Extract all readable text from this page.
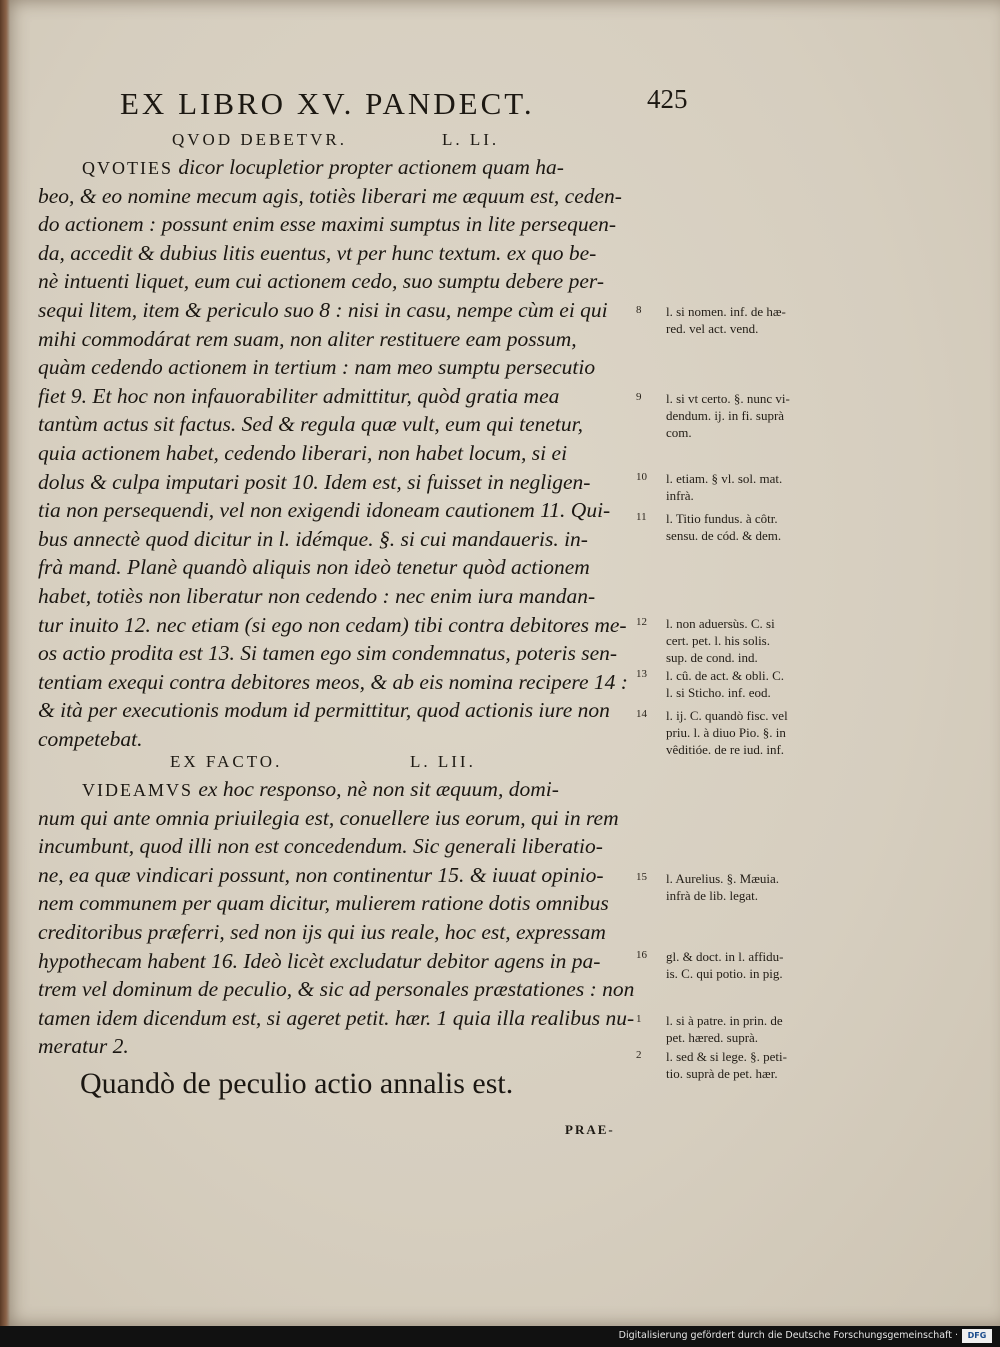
EX LIBRO XV. PANDECT.	425
QVOD DEBETVR.	L. LI.
QVOTIES dicor locupletior propter actionem quam ha-
beo, & eo nomine mecum agis, totiès liberari me æquum est, ceden-
do actionem : possunt enim esse maximi sumptus in lite persequen-
da, accedit & dubius litis euentus, vt per hunc textum. ex quo be-
nè intuenti liquet, eum cui actionem cedo, suo sumptu debere per-
sequi litem, item & periculo suo 8 : nisi in casu, nempe cùm ei qui
mihi commodárat rem suam, non aliter restituere eam possum,
quàm cedendo actionem in tertium : nam meo sumptu persecutio
fiet 9. Et hoc non infauorabiliter admittitur, quòd gratia mea
tantùm actus sit factus. Sed & regula quæ vult, eum qui tenetur,
quia actionem habet, cedendo liberari, non habet locum, si ei
dolus & culpa imputari posit 10. Idem est, si fuisset in negligen-
tia non persequendi, vel non exigendi idoneam cautionem 11. Qui-
bus annectè quod dicitur in l. idémque. §. si cui mandaueris. in-
frà mand. Planè quandò aliquis non ideò tenetur quòd actionem
habet, totiès non liberatur non cedendo : nec enim iura mandan-
tur inuito 12. nec etiam (si ego non cedam) tibi contra debitores me-
os actio prodita est 13. Si tamen ego sim condemnatus, poteris sen-
tentiam exequi contra debitores meos, & ab eis nomina recipere 14 :
& ità per executionis modum id permittitur, quod actionis iure non
competebat.
EX FACTO.	L. LII.
VIDEAMVS ex hoc responso, nè non sit æquum, domi-
num qui ante omnia priuilegia est, conuellere ius eorum, qui in rem
incumbunt, quod illi non est concedendum. Sic generali liberatio-
ne, ea quæ vindicari possunt, non continentur 15. & iuuat opinio-
nem communem per quam dicitur, mulierem ratione dotis omnibus
creditoribus præferri, sed non ijs qui ius reale, hoc est, expressam
hypothecam habent 16. Ideò licèt excludatur debitor agens in pa-
trem vel dominum de peculio, & sic ad personales præstationes : non
tamen idem dicendum est, si ageret petit. hær. 1 quia illa realibus nu-
meratur 2.
8 l. si nomen. inf. de hæ-
red. vel act. vend.
9 l. si vt certo. §. nunc vi-
dendum. ij. in fi. suprà
com.
10 l. etiam. § vl. sol. mat.
infrà.
11 l. Titio fundus. à côtr.
sensu. de cód. & dem.
12 l. non aduersùs. C. si
cert. pet. l. his solis.
sup. de cond. ind.
13 l. cû. de act. & obli. C.
l. si Sticho. inf. eod.
14 l. ij. C. quandò fisc. vel
priu. l. à diuo Pio. §. in
vêditióe. de re iud. inf.
15 l. Aurelius. §. Mæuia.
infrà de lib. legat.
16 gl. & doct. in l. affidu-
is. C. qui potio. in pig.
1 l. si à patre. in prin. de
pet. hæred. suprà.
2 l. sed & si lege. §. peti-
tio. suprà de pet. hær.
Quandò de peculio actio annalis est.
PRAE-
Digitalisierung gefördert durch die Deutsche Forschungsgemeinschaft ·	DFG
